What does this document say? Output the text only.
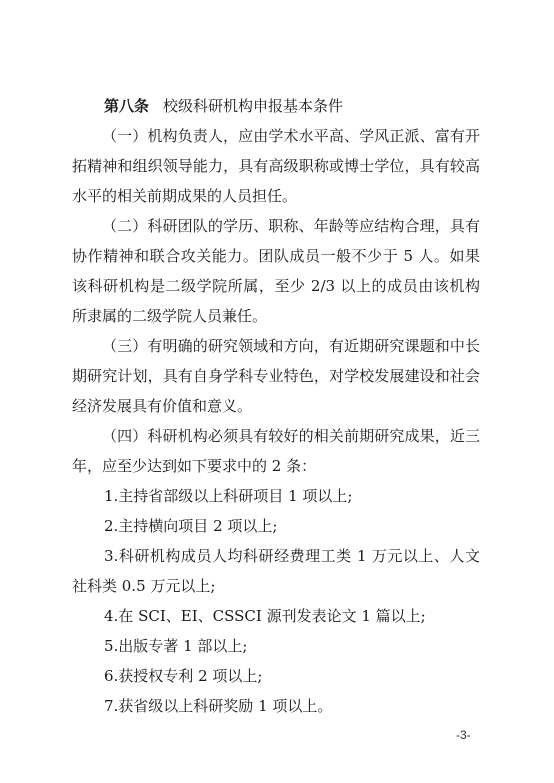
第八条 校级科研机构申报基本条件
（一）机构负责人，应由学术水平高、学风正派、富有开拓精神和组织领导能力，具有高级职称或博士学位，具有较高水平的相关前期成果的人员担任。
（二）科研团队的学历、职称、年龄等应结构合理，具有协作精神和联合攻关能力。团队成员一般不少于 5 人。如果该科研机构是二级学院所属，至少 2/3 以上的成员由该机构所隶属的二级学院人员兼任。
（三）有明确的研究领域和方向，有近期研究课题和中长期研究计划，具有自身学科专业特色，对学校发展建设和社会经济发展具有价值和意义。
（四）科研机构必须具有较好的相关前期研究成果，近三年，应至少达到如下要求中的 2 条：
1.主持省部级以上科研项目 1 项以上;
2.主持横向项目 2 项以上;
3.科研机构成员人均科研经费理工类 1 万元以上、人文社科类 0.5 万元以上;
4.在 SCI、EI、CSSCI 源刊发表论文 1 篇以上;
5.出版专著 1 部以上;
6.获授权专利 2 项以上;
7.获省级以上科研奖励 1 项以上。
-3-
